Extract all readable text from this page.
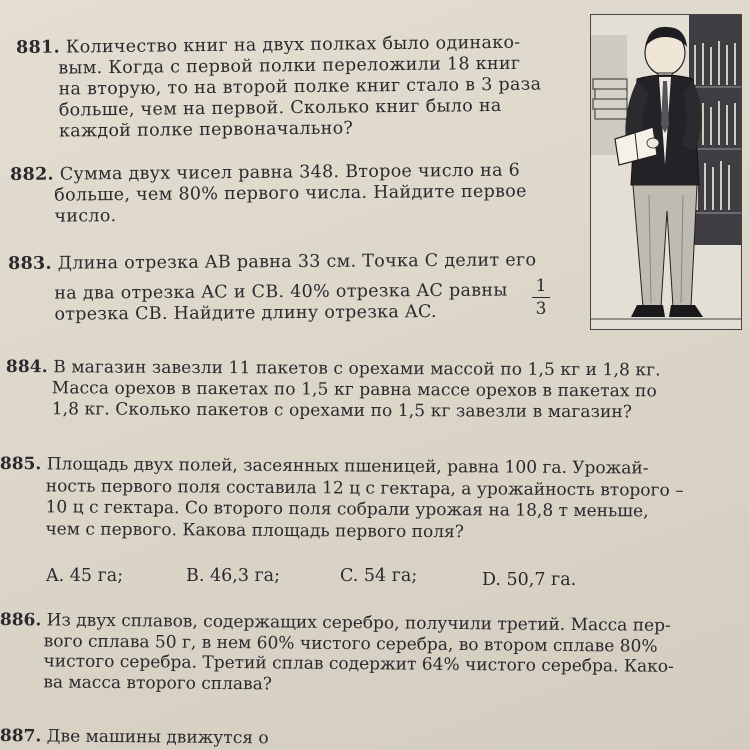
881. Количество книг на двух полках было одинако-
вым. Когда с первой полки переложили 18 книг
на вторую, то на второй полке книг стало в 3 раза
больше, чем на первой. Сколько книг было на
каждой полке первоначально?
882. Сумма двух чисел равна 348. Второе число на 6
больше, чем 80% первого числа. Найдите первое
число.
883. Длина отрезка AB равна 33 см. Точка C делит его
на два отрезка AC и CB. 40% отрезка AC равны
отрезка CB. Найдите длину отрезка AC.
1
3
884. В магазин завезли 11 пакетов с орехами массой по 1,5 кг и 1,8 кг.
Масса орехов в пакетах по 1,5 кг равна массе орехов в пакетах по
1,8 кг. Сколько пакетов с орехами по 1,5 кг завезли в магазин?
885. Площадь двух полей, засеянных пшеницей, равна 100 га. Урожай-
ность первого поля составила 12 ц с гектара, а урожайность второго –
10 ц с гектара. Со второго поля собрали урожая на 18,8 т меньше,
чем с первого. Какова площадь первого поля?
A. 45 га;	B. 46,3 га;	C. 54 га;	D. 50,7 га.
886. Из двух сплавов, содержащих серебро, получили третий. Масса пер-
вого сплава 50 г, в нем 60% чистого серебра, во втором сплаве 80%
чистого серебра. Третий сплав содержит 64% чистого серебра. Како-
ва масса второго сплава?
887. Две машины движутся о
